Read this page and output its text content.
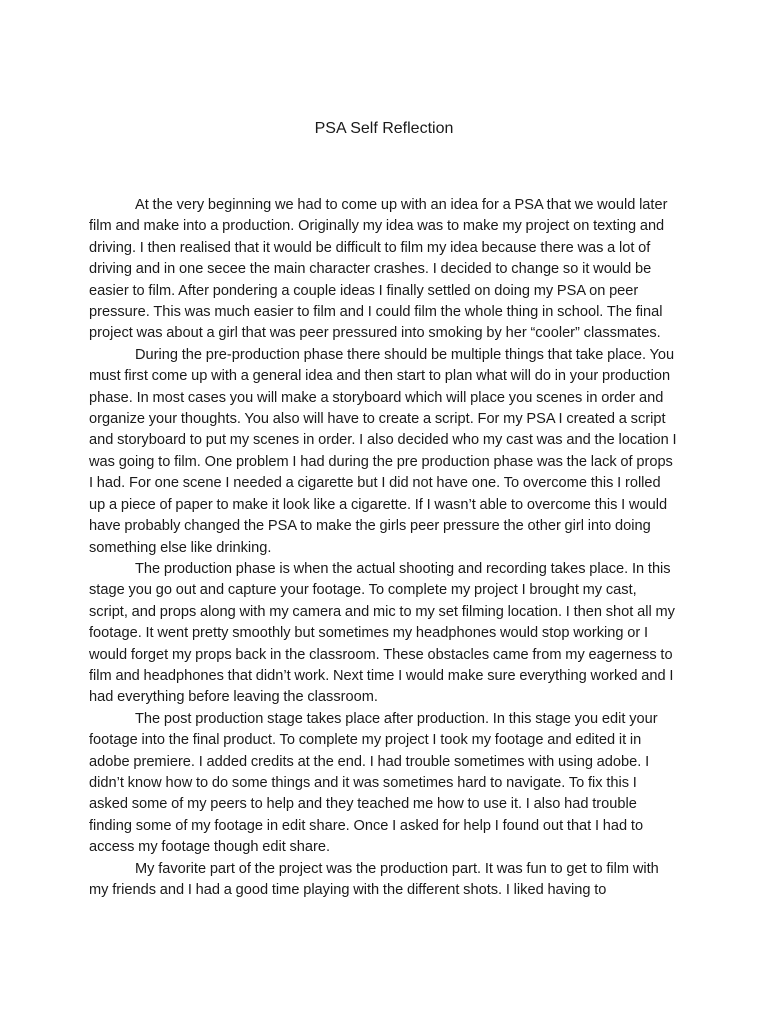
PSA Self Reflection

At the very beginning we had to come up with an idea for a PSA that we would later film and make into a production. Originally my idea was to make my project on texting and driving. I then realised that it would be difficult to film my idea because there was a lot of driving and in one secee the main character crashes. I decided to change so it would be easier to film. After pondering a couple ideas I finally settled on doing my PSA on peer pressure. This was much easier to film and I could film the whole thing in school. The final project was about a girl that was peer pressured into smoking by her “cooler” classmates.

During the pre-production phase there should be multiple things that take place. You must first come up with a general idea and then start to plan what will do in your production phase. In most cases you will make a storyboard which will place you scenes in order and organize your thoughts. You also will have to create a script. For my PSA I created a script and storyboard to put my scenes in order. I also decided who my cast was and the location I was going to film. One problem I had during the pre production phase was the lack of props I had. For one scene I needed a cigarette but I did not have one. To overcome this I rolled up a piece of paper to make it look like a cigarette. If I wasn’t able to overcome this I would have probably changed the PSA to make the girls peer pressure the other girl into doing something else like drinking.

The production phase is when the actual shooting and recording takes place. In this stage you go out and capture your footage. To complete my project I brought my cast, script, and props along with my camera and mic to my set filming location. I then shot all my footage. It went pretty smoothly but sometimes my headphones would stop working or I would forget my props back in the classroom. These obstacles came from my eagerness to film and headphones that didn’t work. Next time I would make sure everything worked and I had everything before leaving the classroom.

The post production stage takes place after production. In this stage you edit your footage into the final product. To complete my project I took my footage and edited it in adobe premiere. I added credits at the end. I had trouble sometimes with using adobe. I didn’t know how to do some things and it was sometimes hard to navigate. To fix this I asked some of my peers to help and they teached me how to use it. I also had trouble finding some of my footage in edit share. Once I asked for help I found out that I had to access my footage though edit share.

My favorite part of the project was the production part. It was fun to get to film with my friends and I had a good time playing with the different shots. I liked having to
